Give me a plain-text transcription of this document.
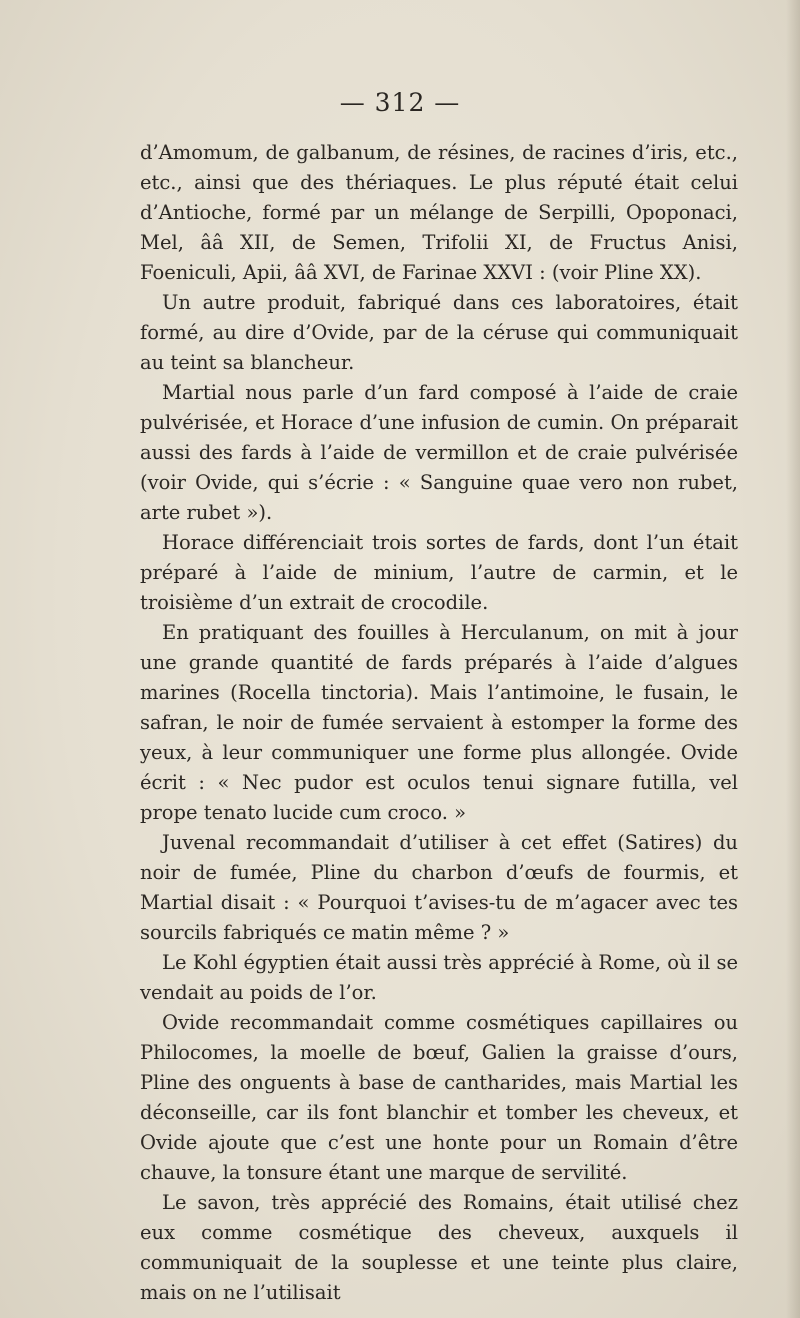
— 312 —

d’Amomum, de galbanum, de résines, de racines d’iris, etc., etc., ainsi que des thériaques. Le plus réputé était celui d’Antioche, formé par un mélange de Serpilli, Opoponaci, Mel, ââ XII, de Semen, Trifolii XI, de Fructus Anisi, Foeniculi, Apii, ââ XVI, de Farinae XXVI : (voir Pline XX).

Un autre produit, fabriqué dans ces laboratoires, était formé, au dire d’Ovide, par de la céruse qui communiquait au teint sa blancheur.

Martial nous parle d’un fard composé à l’aide de craie pulvérisée, et Horace d’une infusion de cumin. On préparait aussi des fards à l’aide de vermillon et de craie pulvérisée (voir Ovide, qui s’écrie : « Sanguine quae vero non rubet, arte rubet »).

Horace différenciait trois sortes de fards, dont l’un était préparé à l’aide de minium, l’autre de carmin, et le troisième d’un extrait de crocodile.

En pratiquant des fouilles à Herculanum, on mit à jour une grande quantité de fards préparés à l’aide d’algues marines (Rocella tinctoria). Mais l’antimoine, le fusain, le safran, le noir de fumée servaient à estomper la forme des yeux, à leur communiquer une forme plus allongée. Ovide écrit : « Nec pudor est oculos tenui signare futilla, vel prope tenato lucide cum croco. »

Juvenal recommandait d’utiliser à cet effet (Satires) du noir de fumée, Pline du charbon d’œufs de fourmis, et Martial disait : « Pourquoi t’avises-tu de m’agacer avec tes sourcils fabriqués ce matin même ? »

Le Kohl égyptien était aussi très apprécié à Rome, où il se vendait au poids de l’or.

Ovide recommandait comme cosmétiques capillaires ou Philocomes, la moelle de bœuf, Galien la graisse d’ours, Pline des onguents à base de cantharides, mais Martial les déconseille, car ils font blanchir et tomber les cheveux, et Ovide ajoute que c’est une honte pour un Romain d’être chauve, la tonsure étant une marque de servilité.

Le savon, très apprécié des Romains, était utilisé chez eux comme cosmétique des cheveux, auxquels il communiquait de la souplesse et une teinte plus claire, mais on ne l’utilisait
